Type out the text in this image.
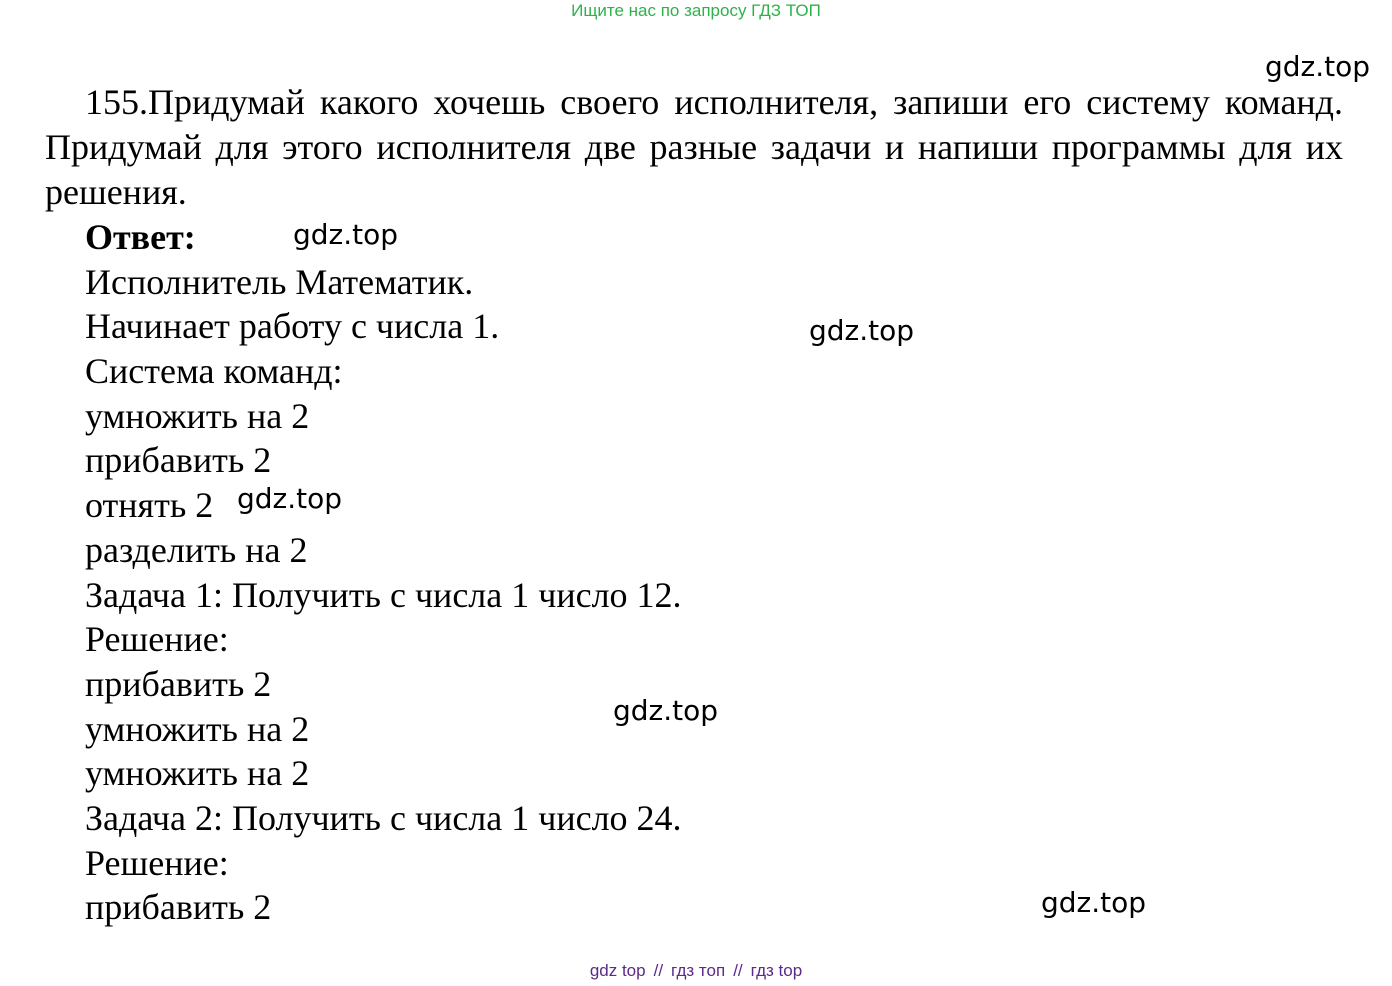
Ищите нас по запросу ГДЗ ТОП
gdz.top
gdz.top
gdz.top
gdz.top
gdz.top
gdz.top

155.Придумай какого хочешь своего исполнителя, запиши его систему команд. Придумай для этого исполнителя две разные задачи и напиши программы для их решения.

Ответ:
Исполнитель Математик.
Начинает работу с числа 1.
Система команд:
умножить на 2
прибавить 2
отнять 2
разделить на 2
Задача 1: Получить с числа 1 число 12.
Решение:
прибавить 2
умножить на 2
умножить на 2
Задача 2: Получить с числа 1 число 24.
Решение:
прибавить 2
gdz top // гдз топ // гдз top
